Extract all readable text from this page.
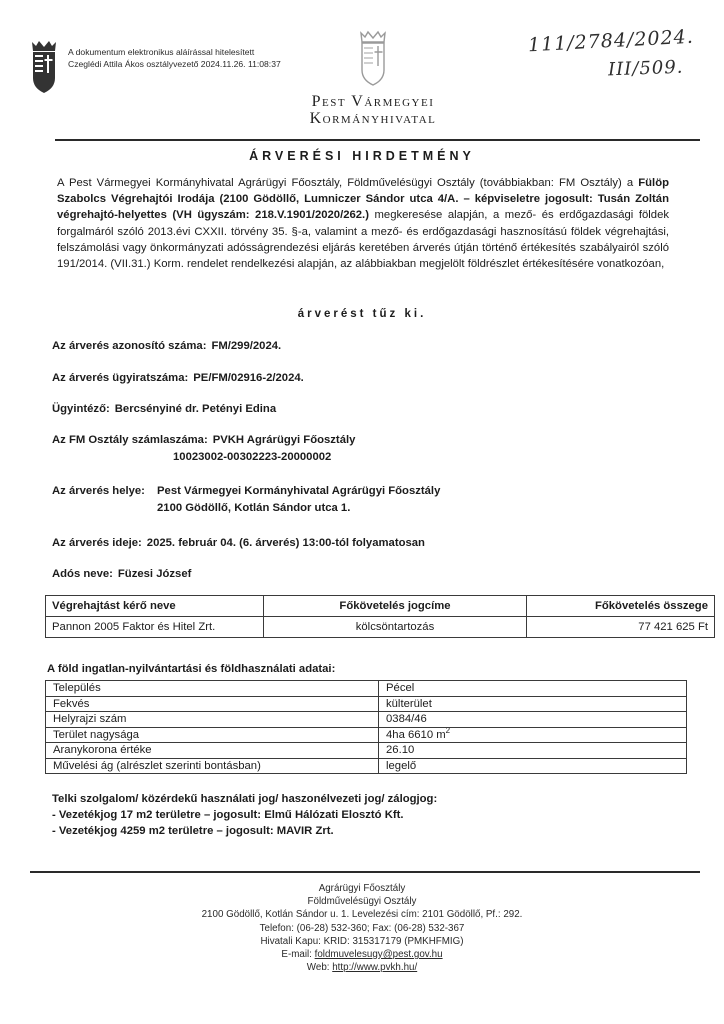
A dokumentum elektronikus aláírással hitelesített
Czeglédi Attila Ákos osztályvezető 2024.11.26. 11:08:37
Pest Vármegyei
Kormányhivatal
111/2784/2024.
III/509.
ÁRVERÉSI HIRDETMÉNY

A Pest Vármegyei Kormányhivatal Agrárügyi Főosztály, Földművelésügyi Osztály (továbbiakban: FM Osztály) a Fülöp Szabolcs Végrehajtói Irodája (2100 Gödöllő, Lumniczer Sándor utca 4/A. – képviseletre jogosult: Tusán Zoltán végrehajtó-helyettes (VH ügyszám: 218.V.1901/2020/262.) megkeresése alapján, a mező- és erdőgazdasági földek forgalmáról szóló 2013.évi CXXII. törvény 35. §-a, valamint a mező- és erdőgazdasági hasznosítású földek végrehajtási, felszámolási vagy önkormányzati adósságrendezési eljárás keretében árverés útján történő értékesítés szabályairól szóló 191/2014. (VII.31.) Korm. rendelet rendelkezési alapján, az alábbiakban megjelölt földrészlet értékesítésére vonatkozóan,

árverést tűz ki.
Az árverés azonosító száma: FM/299/2024.
Az árverés ügyiratszáma: PE/FM/02916-2/2024.
Ügyintéző: Bercsényiné dr. Petényi Edina
Az FM Osztály számlaszáma: PVKH Agrárügyi Főosztály
10023002-00302223-20000002
Az árverés helye: Pest Vármegyei Kormányhivatal Agrárügyi Főosztály
2100 Gödöllő, Kotlán Sándor utca 1.
Az árverés ideje: 2025. február 04. (6. árverés) 13:00-tól folyamatosan
Adós neve: Füzesi József
Végrehajtást kérő neve	Főkövetelés jogcíme	Főkövetelés összege
Pannon 2005 Faktor és Hitel Zrt.	kölcsöntartozás	77 421 625 Ft
A föld ingatlan-nyilvántartási és földhasználati adatai:
Település	Pécel
Fekvés	külterület
Helyrajzi szám	0384/46
Terület nagysága	4ha 6610 $m^2$
Aranykorona értéke	26.10
Művelési ág (alrészlet szerinti bontásban)	legelő
Telki szolgalom/ közérdekű használati jog/ haszonélvezeti jog/ zálogjog:
- Vezetékjog 17 m2 területre – jogosult: Elmű Hálózati Elosztó Kft.
- Vezetékjog 4259 m2 területre – jogosult: MAVIR Zrt.
Agrárügyi Főosztály
Földművelésügyi Osztály
2100 Gödöllő, Kotlán Sándor u. 1. Levelezési cím: 2101 Gödöllő, Pf.: 292.
Telefon: (06-28) 532-360; Fax: (06-28) 532-367
Hivatali Kapu: KRID: 315317179 (PMKHFMIG)
E-mail: foldmuvelesugy@pest.gov.hu
Web: http://www.pvkh.hu/
